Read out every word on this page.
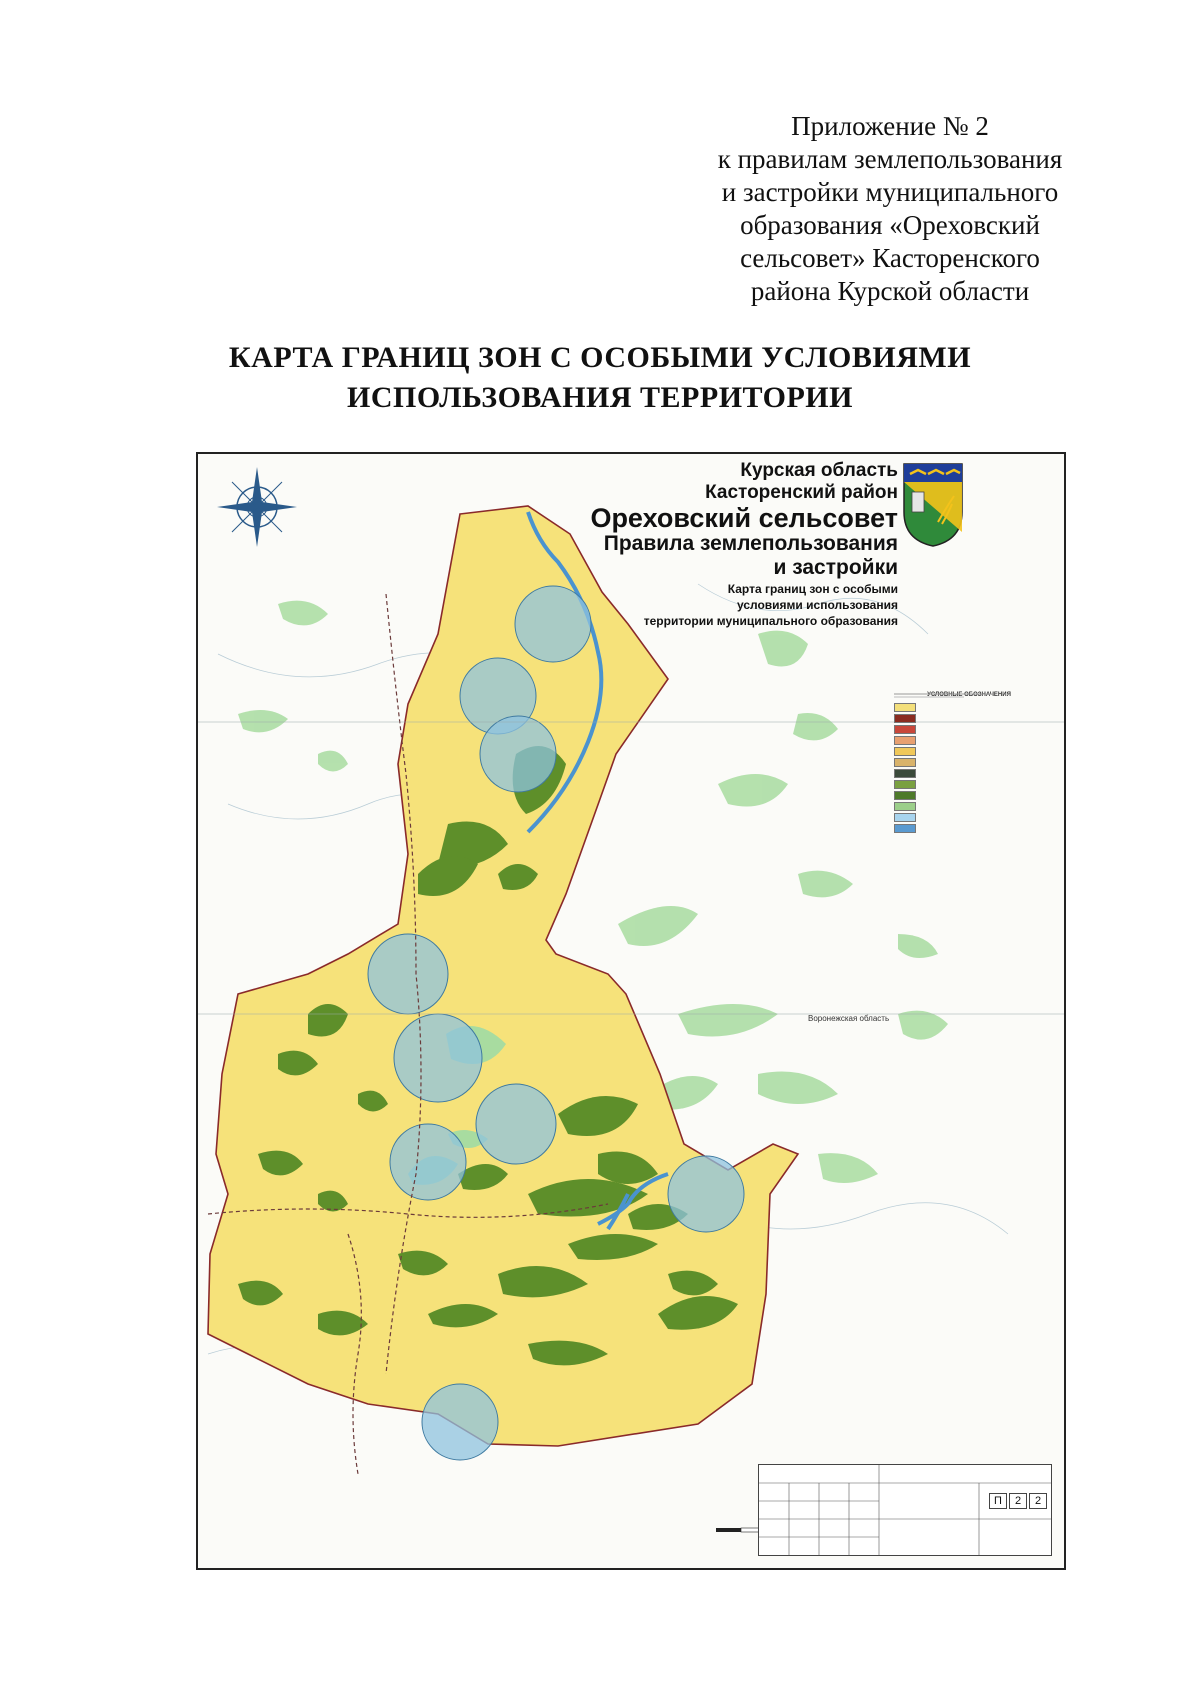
Приложение № 2
к правилам землепользования
и застройки муниципального
образования «Ореховский
сельсовет» Касторенского
района Курской области
КАРТА ГРАНИЦ ЗОН С ОСОБЫМИ УСЛОВИЯМИ
ИСПОЛЬЗОВАНИЯ ТЕРРИТОРИИ
Курская область
Касторенский район
Ореховский сельсовет
Правила землепользования
и застройки
Карта границ зон с особыми
условиями использования
территории муниципального образования
УСЛОВНЫЕ ОБОЗНАЧЕНИЯ
Воронежская область
П	2	2
